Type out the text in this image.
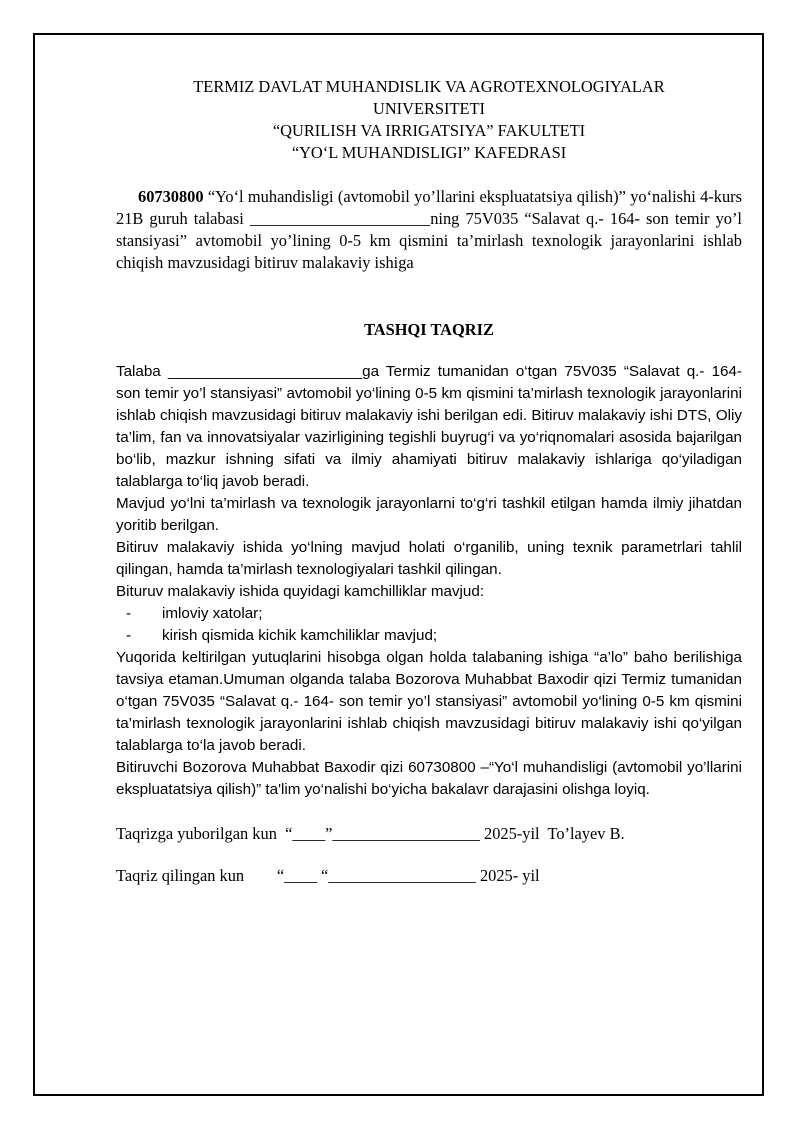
TERMIZ DAVLAT MUHANDISLIK VA AGROTEXNOLOGIYALAR
UNIVERSITETI
“QURILISH VA IRRIGATSIYA” FAKULTETI
“YO‘L MUHANDISLIGI” KAFEDRASI
60730800 “Yo‘l muhandisligi (avtomobil yo’llarini ekspluatatsiya qilish)” yo‘nalishi 4-kurs 21B guruh talabasi ______________________ning 75V035 “Salavat q.- 164- son temir yo’l stansiyasi” avtomobil yo’lining 0-5 km qismini ta’mirlash texnologik jarayonlarini ishlab chiqish mavzusidagi bitiruv malakaviy ishiga
TASHQI TAQRIZ

Talaba _______________________ga Termiz tumanidan o‘tgan 75V035 “Salavat q.- 164- son temir yo’l stansiyasi” avtomobil yo‘lining 0-5 km qismini ta’mirlash texnologik jarayonlarini ishlab chiqish mavzusidagi bitiruv malakaviy ishi berilgan edi. Bitiruv malakaviy ishi DTS, Oliy ta’lim, fan va innovatsiyalar vazirligining tegishli buyrug‘i va yo‘riqnomalari asosida bajarilgan bo‘lib, mazkur ishning sifati va ilmiy ahamiyati bitiruv malakaviy ishlariga qo‘yiladigan talablarga to‘liq javob beradi.

Mavjud yo‘lni ta’mirlash va texnologik jarayonlarni to‘g‘ri tashkil etilgan hamda ilmiy jihatdan yoritib berilgan.

Bitiruv malakaviy ishida yo‘lning mavjud holati o‘rganilib, uning texnik parametrlari tahlil qilingan, hamda ta’mirlash texnologiyalari tashkil qilingan.

Bituruv malakaviy ishida quyidagi kamchilliklar mavjud:

- imloviy xatolar;
- kirish qismida kichik kamchiliklar mavjud;

Yuqorida keltirilgan yutuqlarini hisobga olgan holda talabaning ishiga “a’lo” baho berilishiga tavsiya etaman.Umuman olganda talaba Bozorova Muhabbat Baxodir qizi Termiz tumanidan o‘tgan 75V035 “Salavat q.- 164- son temir yo’l stansiyasi” avtomobil yo‘lining 0-5 km qismini ta’mirlash texnologik jarayonlarini ishlab chiqish mavzusidagi bitiruv malakaviy ishi qo‘yilgan talablarga to‘la javob beradi.

Bitiruvchi Bozorova Muhabbat Baxodir qizi 60730800 –“Yo‘l muhandisligi (avtomobil yo’llarini ekspluatatsiya qilish)” ta'lim yo‘nalishi bo‘yicha bakalavr darajasini olishga loyiq.

Taqrizga yuborilgan kun  “____”__________________ 2025-yil  To’layev B.
Taqriz qilingan kun        “____ “__________________ 2025- yil
